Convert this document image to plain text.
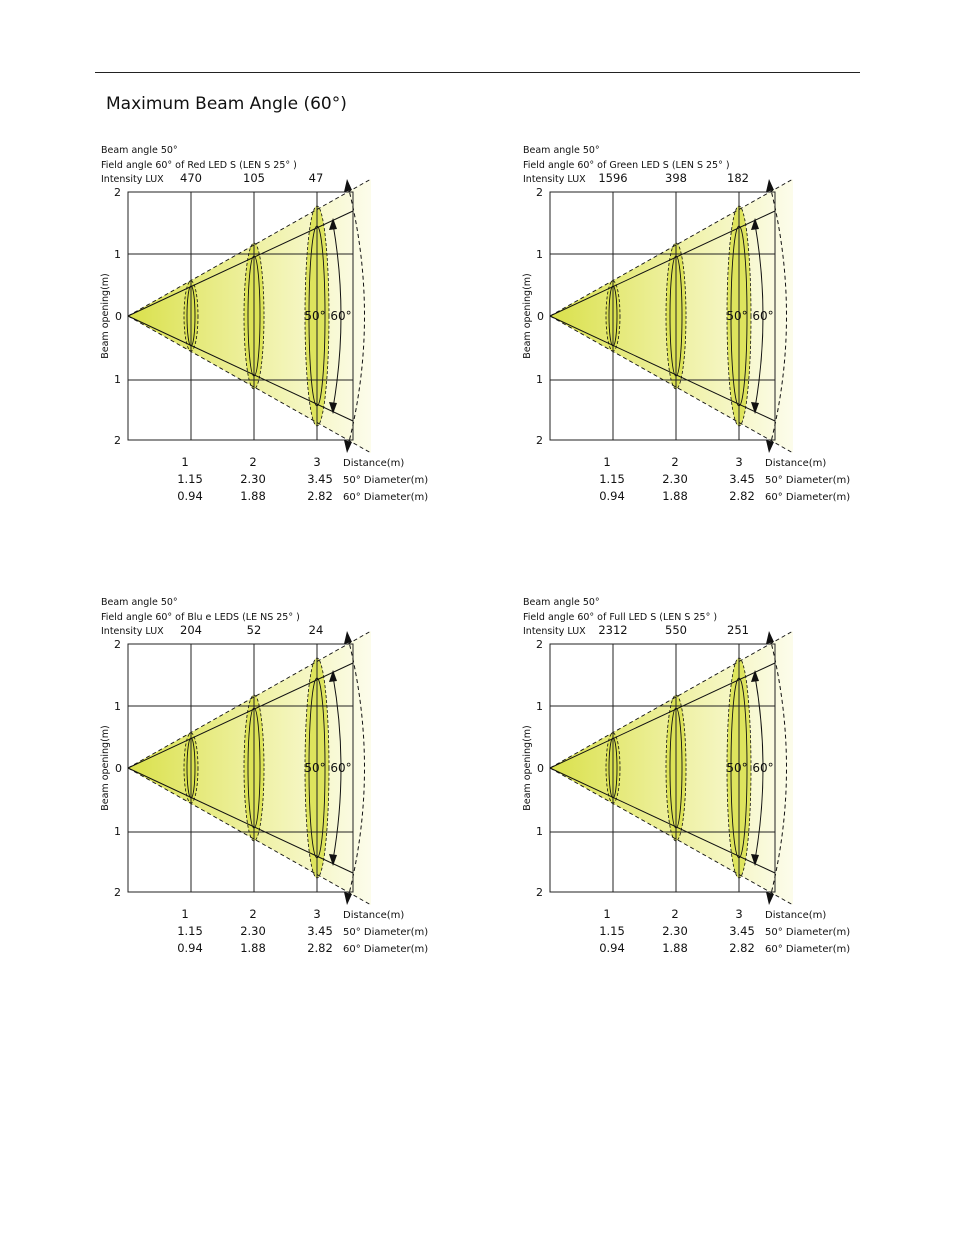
Maximum Beam Angle (60°)
Beam angle 50°
Field angle 60° of Red LED S (LEN S 25° )
Intensity LUX 470	105	47
50° 60°
2
1
0
1
2
Beam opening(m)
1	2	3 Distance(m)
1.15	2.30	3.45 50° Diameter(m)
0.94	1.88	2.82 60° Diameter(m)
Beam angle 50°
Field angle 60° of Green LED S (LEN S 25° )
Intensity LUX 1596	398	182
50° 60°
2
1
0
1
2
Beam opening(m)
1	2	3 Distance(m)
1.15	2.30	3.45 50° Diameter(m)
0.94	1.88	2.82 60° Diameter(m)
Beam angle 50°
Field angle 60° of Blu e LEDS (LE NS 25° )
Intensity LUX 204	52	24
50° 60°
2
1
0
1
2
Beam opening(m)
1	2	3 Distance(m)
1.15	2.30	3.45 50° Diameter(m)
0.94	1.88	2.82 60° Diameter(m)
Beam angle 50°
Field angle 60° of Full LED S (LEN S 25° )
Intensity LUX 2312	550	251
50° 60°
2
1
0
1
2
Beam opening(m)
1	2	3 Distance(m)
1.15	2.30	3.45 50° Diameter(m)
0.94	1.88	2.82 60° Diameter(m)
